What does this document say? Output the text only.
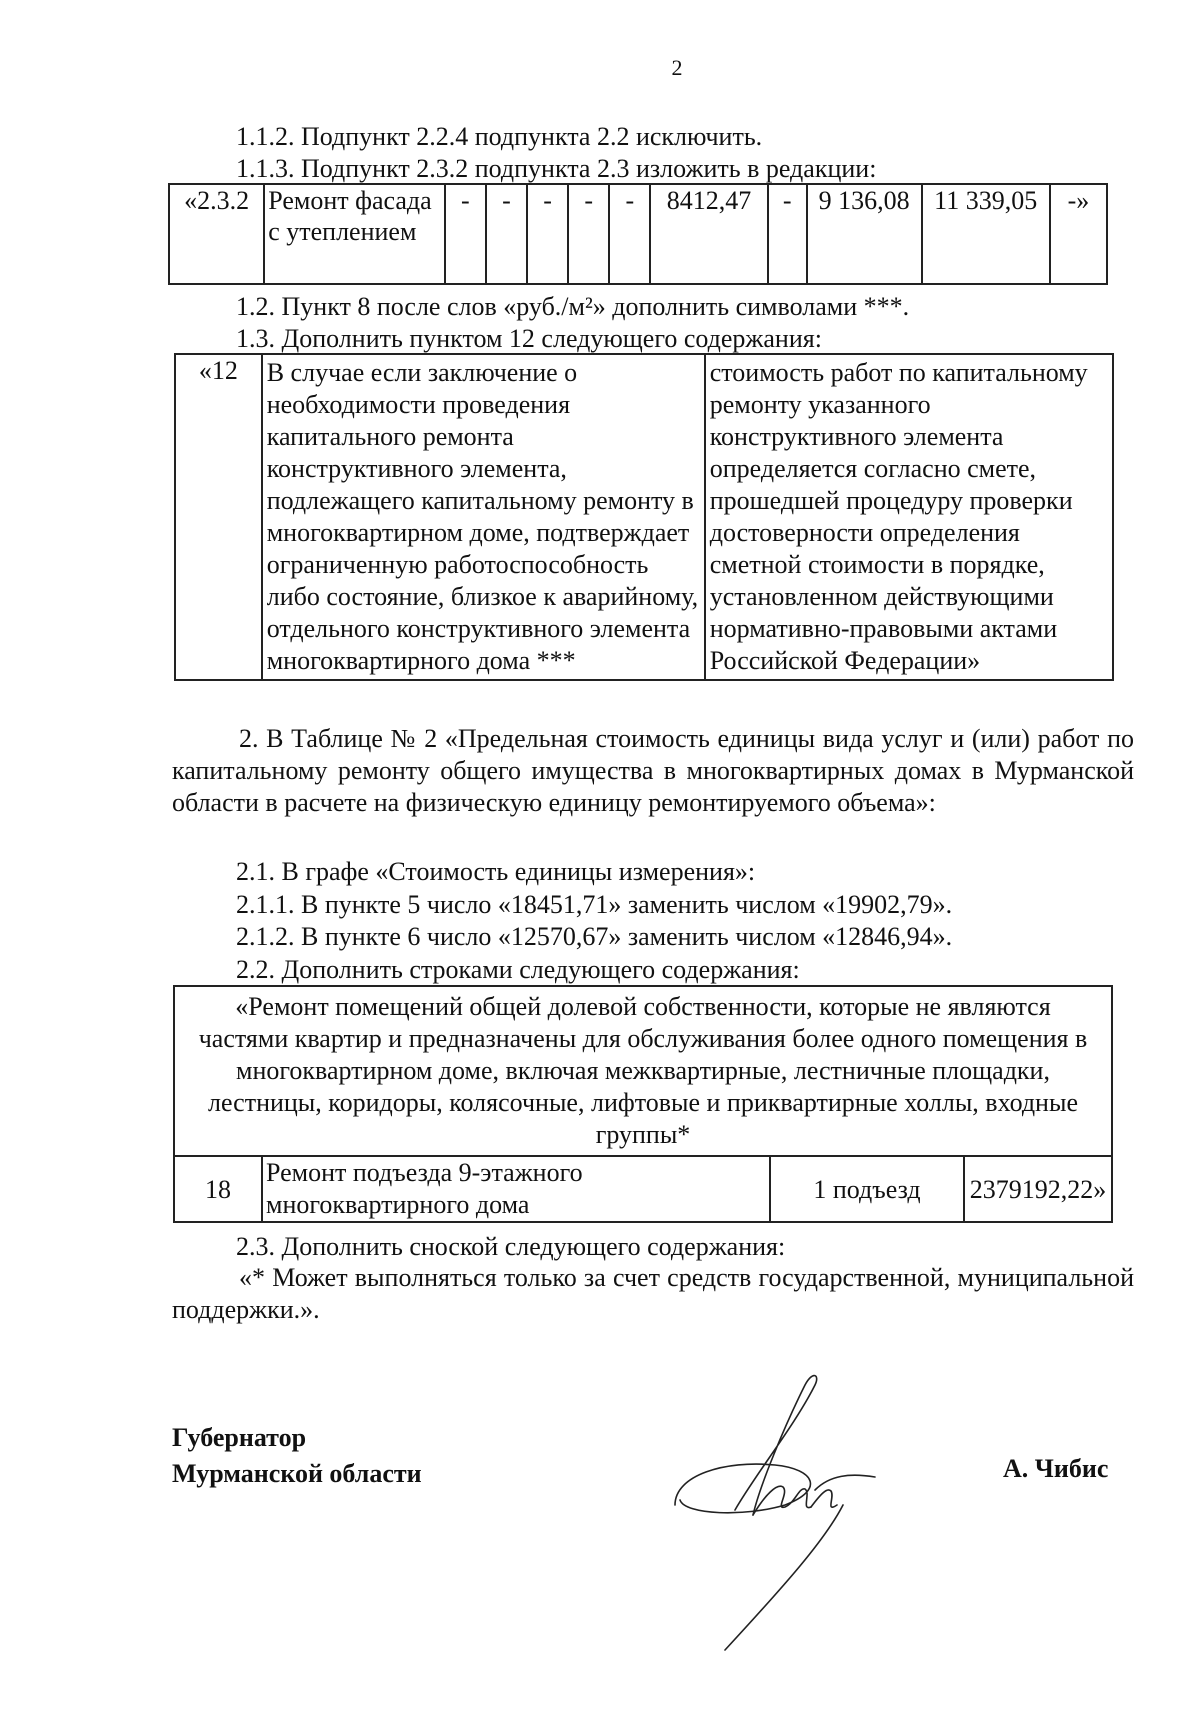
2
1.1.2. Подпункт 2.2.4 подпункта 2.2 исключить.
1.1.3. Подпункт 2.3.2 подпункта 2.3 изложить в редакции:
«2.3.2	Ремонт фасада с утеплением	-	-	-	-	-	8412,47	-	9 136,08	11 339,05	-»
1.2. Пункт 8 после слов «руб./м²» дополнить символами ***.
1.3. Дополнить пунктом 12 следующего содержания:
«12	В случае если заключение о необходимости проведения капитального ремонта конструктивного элемента, подлежащего капитальному ремонту в многоквартирном доме, подтверждает ограниченную работоспособность либо состояние, близкое к аварийному, отдельного конструктивного элемента многоквартирного дома ***	стоимость работ по капитальному ремонту указанного конструктивного элемента определяется согласно смете, прошедшей процедуру проверки достоверности определения сметной стоимости в порядке, установленном действующими нормативно-правовыми актами Российской Федерации»
2. В Таблице № 2 «Предельная стоимость единицы вида услуг и (или) работ по капитальному ремонту общего имущества в многоквартирных домах в Мурманской области в расчете на физическую единицу ремонтируемого объема»:
2.1. В графе «Стоимость единицы измерения»:
2.1.1. В пункте 5 число «18451,71» заменить числом «19902,79».
2.1.2. В пункте 6 число «12570,67» заменить числом «12846,94».
2.2. Дополнить строками следующего содержания:
«Ремонт помещений общей долевой собственности, которые не являются частями квартир и предназначены для обслуживания более одного помещения в многоквартирном доме, включая межквартирные, лестничные площадки, лестницы, коридоры, колясочные, лифтовые и приквартирные холлы, входные группы*
18	Ремонт подъезда 9-этажного многоквартирного дома	1 подъезд	2379192,22»
2.3. Дополнить сноской следующего содержания:
«* Может выполняться только за счет средств государственной, муниципальной поддержки.».
Губернатор
Мурманской области	А. Чибис
